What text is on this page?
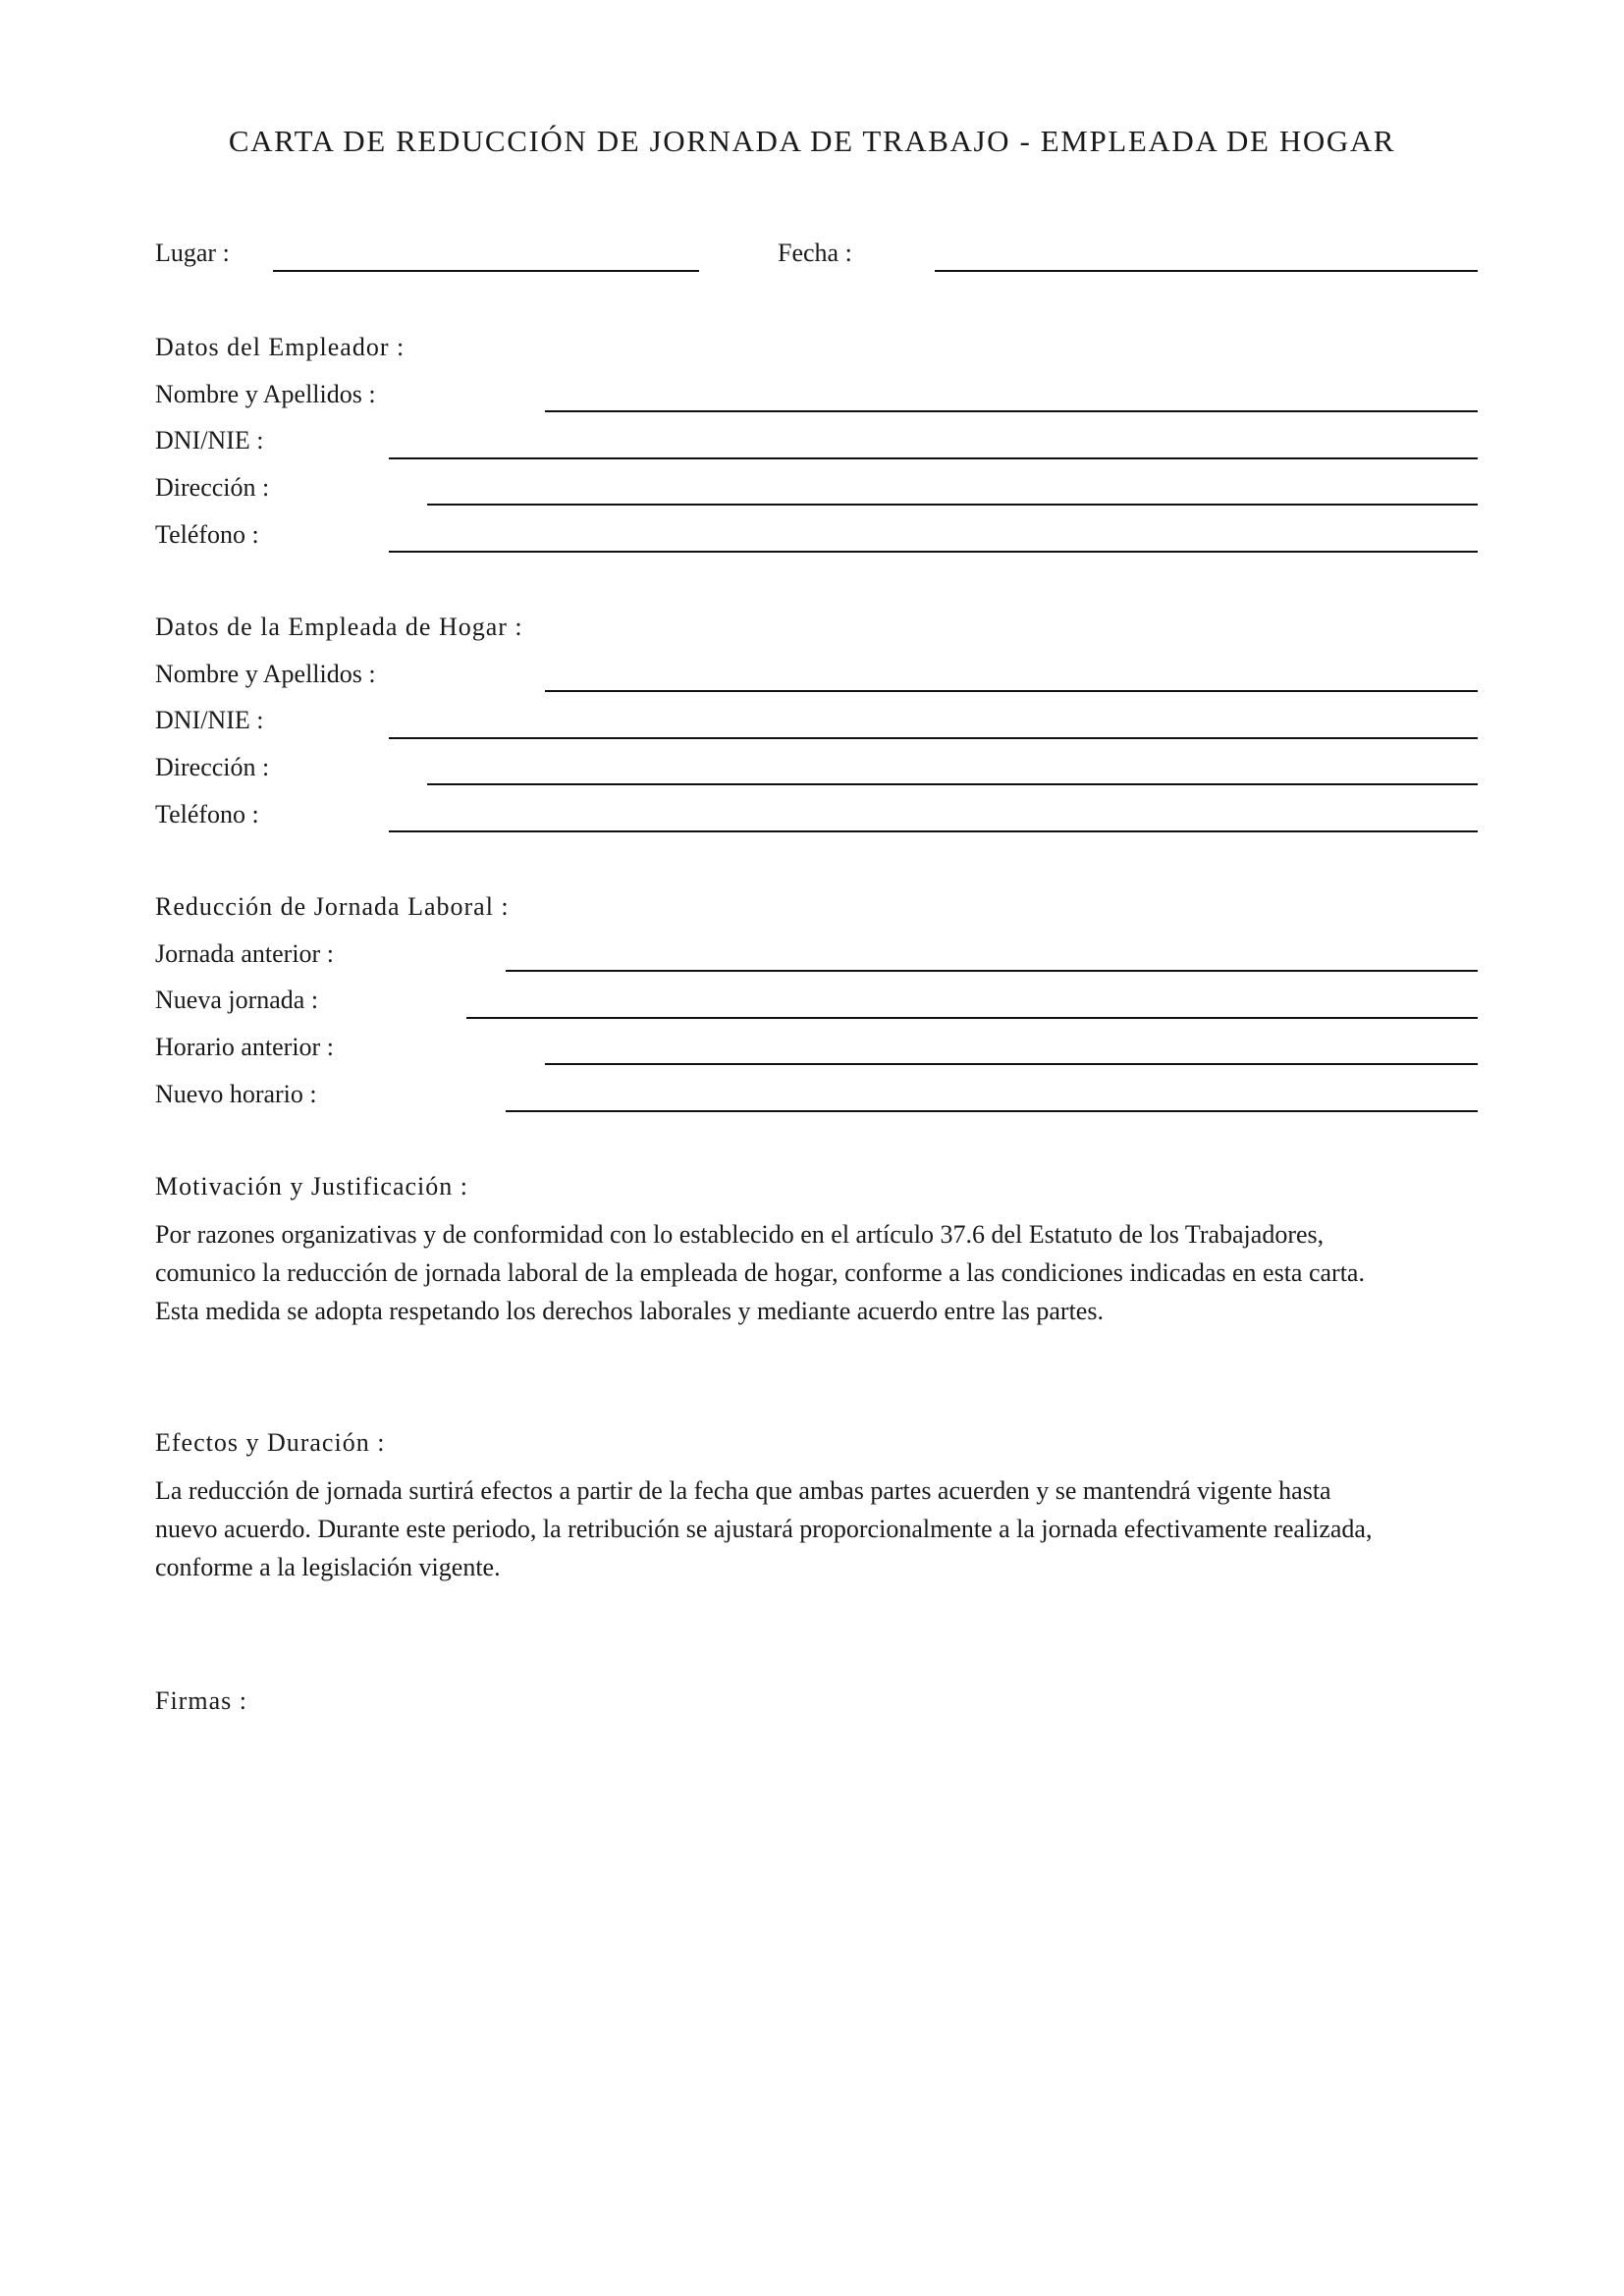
CARTA DE REDUCCIÓN DE JORNADA DE TRABAJO - EMPLEADA DE HOGAR
Lugar :	Fecha :
Datos del Empleador :
Nombre y Apellidos :
DNI/NIE :
Dirección :
Teléfono :
Datos de la Empleada de Hogar :
Nombre y Apellidos :
DNI/NIE :
Dirección :
Teléfono :
Reducción de Jornada Laboral :
Jornada anterior :
Nueva jornada :
Horario anterior :
Nuevo horario :
Motivación y Justificación :

Por razones organizativas y de conformidad con lo establecido en el artículo 37.6 del Estatuto de los Trabajadores,
comunico la reducción de jornada laboral de la empleada de hogar, conforme a las condiciones indicadas en esta carta.
Esta medida se adopta respetando los derechos laborales y mediante acuerdo entre las partes.

Efectos y Duración :

La reducción de jornada surtirá efectos a partir de la fecha que ambas partes acuerden y se mantendrá vigente hasta
nuevo acuerdo. Durante este periodo, la retribución se ajustará proporcionalmente a la jornada efectivamente realizada,
conforme a la legislación vigente.

Firmas :
